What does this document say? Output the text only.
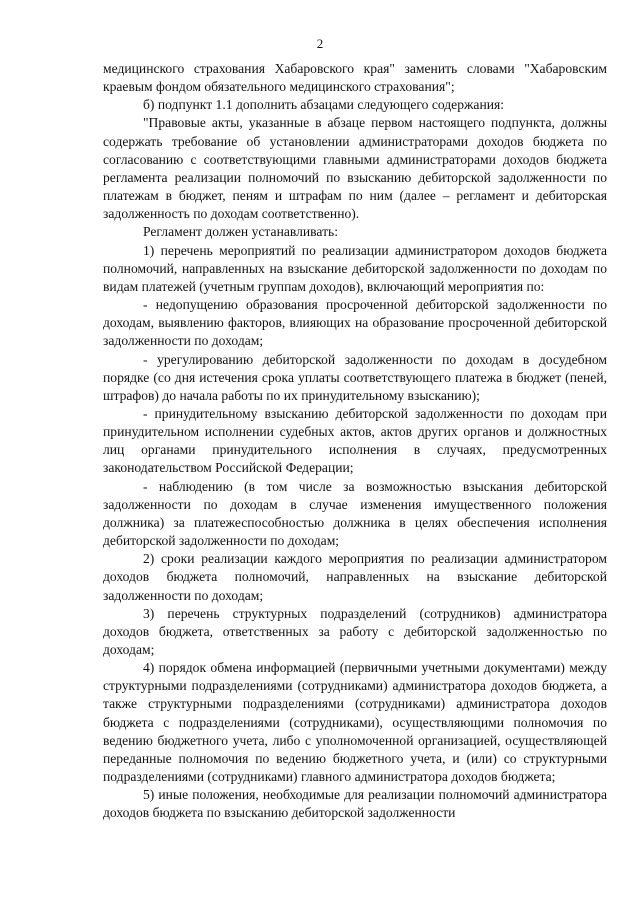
2

медицинского страхования Хабаровского края" заменить словами "Хабаровским краевым фондом обязательного медицинского страхования";

б) подпункт 1.1 дополнить абзацами следующего содержания:

"Правовые акты, указанные в абзаце первом настоящего подпункта, должны содержать требование об установлении администраторами доходов бюджета по согласованию с соответствующими главными администраторами доходов бюджета регламента реализации полномочий по взысканию дебиторской задолженности по платежам в бюджет, пеням и штрафам по ним (далее – регламент и дебиторская задолженность по доходам соответственно).

Регламент должен устанавливать:

1) перечень мероприятий по реализации администратором доходов бюджета полномочий, направленных на взыскание дебиторской задолженности по доходам по видам платежей (учетным группам доходов), включающий мероприятия по:

- недопущению образования просроченной дебиторской задолженности по доходам, выявлению факторов, влияющих на образование просроченной дебиторской задолженности по доходам;

- урегулированию дебиторской задолженности по доходам в досудебном порядке (со дня истечения срока уплаты соответствующего платежа в бюджет (пеней, штрафов) до начала работы по их принудительному взысканию);

- принудительному взысканию дебиторской задолженности по доходам при принудительном исполнении судебных актов, актов других органов и должностных лиц органами принудительного исполнения в случаях, предусмотренных законодательством Российской Федерации;

- наблюдению (в том числе за возможностью взыскания дебиторской задолженности по доходам в случае изменения имущественного положения должника) за платежеспособностью должника в целях обеспечения исполнения дебиторской задолженности по доходам;

2) сроки реализации каждого мероприятия по реализации администратором доходов бюджета полномочий, направленных на взыскание дебиторской задолженности по доходам;

3) перечень структурных подразделений (сотрудников) администратора доходов бюджета, ответственных за работу с дебиторской задолженностью по доходам;

4) порядок обмена информацией (первичными учетными документами) между структурными подразделениями (сотрудниками) администратора доходов бюджета, а также структурными подразделениями (сотрудниками) администратора доходов бюджета с подразделениями (сотрудниками), осуществляющими полномочия по ведению бюджетного учета, либо с уполномоченной организацией, осуществляющей переданные полномочия по ведению бюджетного учета, и (или) со структурными подразделениями (сотрудниками) главного администратора доходов бюджета;

5) иные положения, необходимые для реализации полномочий администратора доходов бюджета по взысканию дебиторской задолженности
